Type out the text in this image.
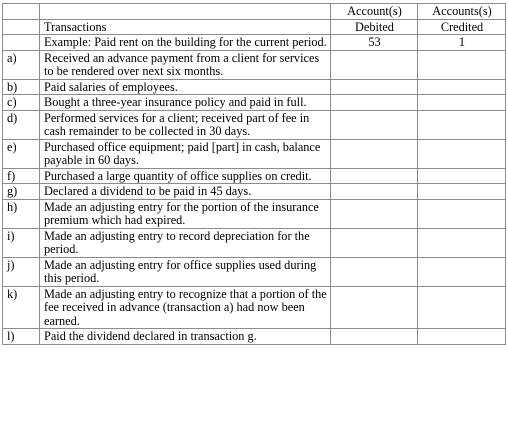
		Account(s)	Accounts(s)
	Transactions	Debited	Credited
	Example: Paid rent on the building for the current period.	53	1
a)	Received an advance payment from a client for services to be rendered over next six months.		
b)	Paid salaries of employees.		
c)	Bought a three-year insurance policy and paid in full.		
d)	Performed services for a client; received part of fee in cash remainder to be collected in 30 days.		
e)	Purchased office equipment; paid [part] in cash, balance payable in 60 days.		
f)	Purchased a large quantity of office supplies on credit.		
g)	Declared a dividend to be paid in 45 days.		
h)	Made an adjusting entry for the portion of the insurance premium which had expired.		
i)	Made an adjusting entry to record depreciation for the period.		
j)	Made an adjusting entry for office supplies used during this period.		
k)	Made an adjusting entry to recognize that a portion of the fee received in advance (transaction a) had now been earned.		
l)	Paid the dividend declared in transaction g.		
